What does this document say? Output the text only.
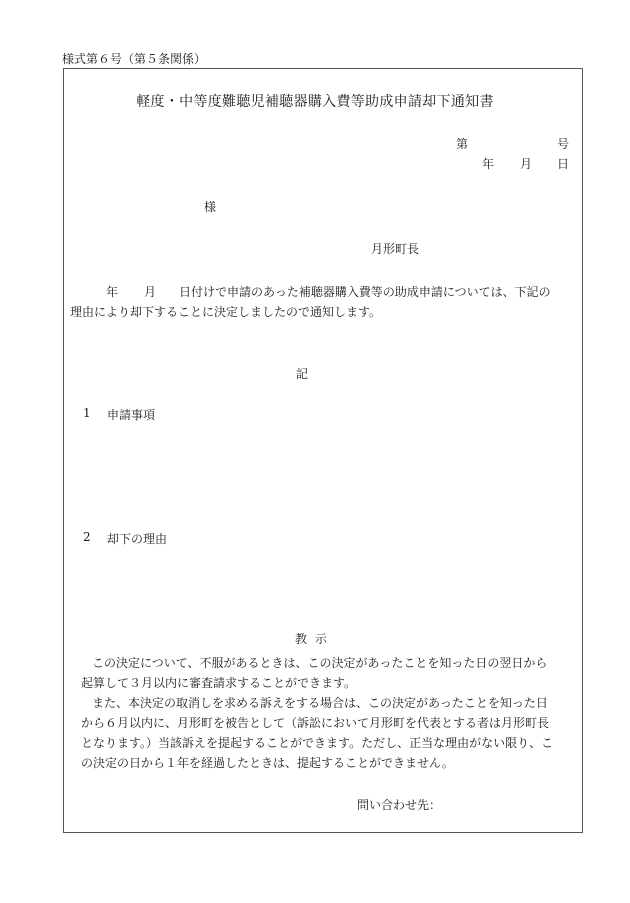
様式第６号（第５条関係）
軽度・中等度難聴児補聴器購入費等助成申請却下通知書
第	号
年 月 日
様
月形町長
年 月 日付けで申請のあった補聴器購入費等の助成申請については、下記の
理由により却下することに決定しましたので通知します。
記
1 申請事項
2 却下の理由
教示
この決定について、不服があるときは、この決定があったことを知った日の翌日から
起算して３月以内に審査請求することができます。
また、本決定の取消しを求める訴えをする場合は、この決定があったことを知った日
から６月以内に、月形町を被告として（訴訟において月形町を代表とする者は月形町長
となります。）当該訴えを提起することができます。ただし、正当な理由がない限り、こ
の決定の日から１年を経過したときは、提起することができません。
問い合わせ先：
